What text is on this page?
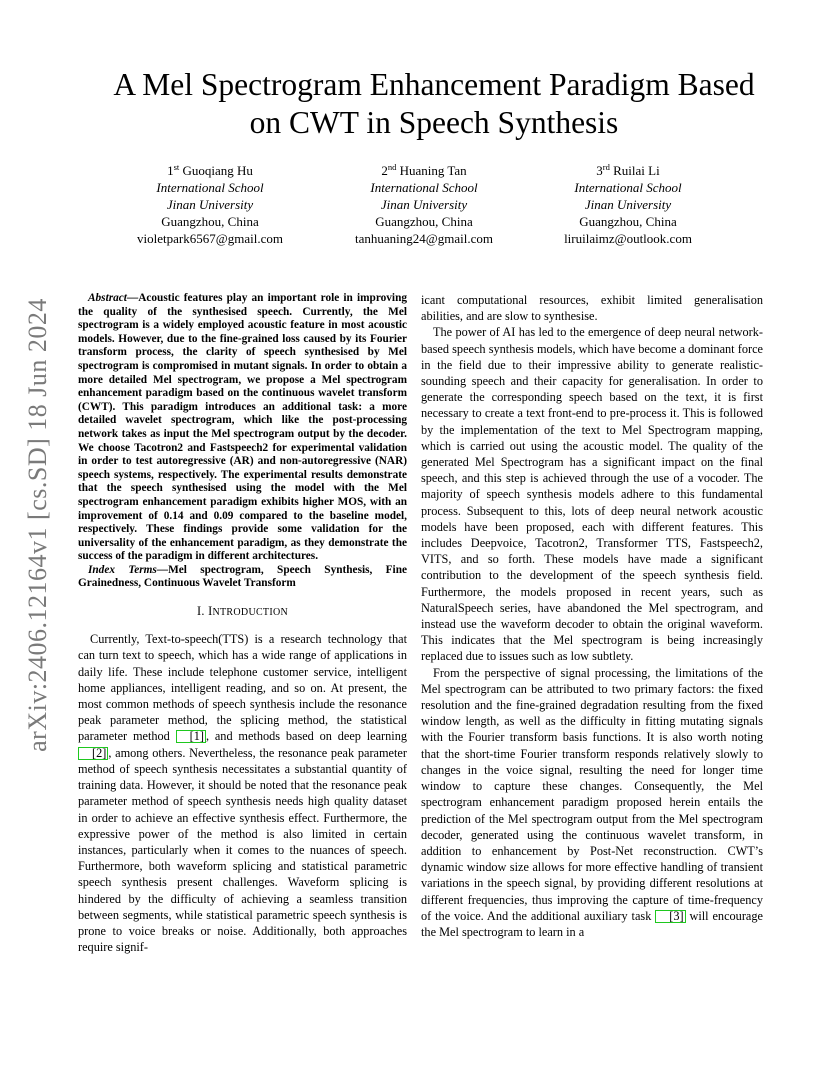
arXiv:2406.12164v1 [cs.SD] 18 Jun 2024
A Mel Spectrogram Enhancement Paradigm Based
on CWT in Speech Synthesis
1st Guoqiang Hu
International School
Jinan University
Guangzhou, China
violetpark6567@gmail.com
2nd Huaning Tan
International School
Jinan University
Guangzhou, China
tanhuaning24@gmail.com
3rd Ruilai Li
International School
Jinan University
Guangzhou, China
liruilaimz@outlook.com

Abstract—Acoustic features play an important role in improving the quality of the synthesised speech. Currently, the Mel spectrogram is a widely employed acoustic feature in most acoustic models. However, due to the fine-grained loss caused by its Fourier transform process, the clarity of speech synthesised by Mel spectrogram is compromised in mutant signals. In order to obtain a more detailed Mel spectrogram, we propose a Mel spectrogram enhancement paradigm based on the continuous wavelet transform (CWT). This paradigm introduces an additional task: a more detailed wavelet spectrogram, which like the post-processing network takes as input the Mel spectrogram output by the decoder. We choose Tacotron2 and Fastspeech2 for experimental validation in order to test autoregressive (AR) and non-autoregressive (NAR) speech systems, respectively. The experimental results demonstrate that the speech synthesised using the model with the Mel spectrogram enhancement paradigm exhibits higher MOS, with an improvement of 0.14 and 0.09 compared to the baseline model, respectively. These findings provide some validation for the universality of the enhancement paradigm, as they demonstrate the success of the paradigm in different architectures.

Index Terms—Mel spectrogram, Speech Synthesis, Fine Grainedness, Continuous Wavelet Transform

I. INTRODUCTION

Currently, Text-to-speech(TTS) is a research technology that can turn text to speech, which has a wide range of applications in daily life. These include telephone customer service, intelligent home appliances, intelligent reading, and so on. At present, the most common methods of speech synthesis include the resonance peak parameter method, the splicing method, the statistical parameter method [1] , and methods based on deep learning [2] , among others. Nevertheless, the resonance peak parameter method of speech synthesis necessitates a substantial quantity of training data. However, it should be noted that the resonance peak parameter method of speech synthesis needs high quality dataset in order to achieve an effective synthesis effect. Furthermore, the expressive power of the method is also limited in certain instances, particularly when it comes to the nuances of speech. Furthermore, both waveform splicing and statistical parametric speech synthesis present challenges. Waveform splicing is hindered by the difficulty of achieving a seamless transition between segments, while statistical parametric speech synthesis is prone to voice breaks or noise. Additionally, both approaches require signif-

icant computational resources, exhibit limited generalisation abilities, and are slow to synthesise.

The power of AI has led to the emergence of deep neural network-based speech synthesis models, which have become a dominant force in the field due to their impressive ability to generate realistic-sounding speech and their capacity for generalisation. In order to generate the corresponding speech based on the text, it is first necessary to create a text front-end to pre-process it. This is followed by the implementation of the text to Mel Spectrogram mapping, which is carried out using the acoustic model. The quality of the generated Mel Spectrogram has a significant impact on the final speech, and this step is achieved through the use of a vocoder. The majority of speech synthesis models adhere to this fundamental process. Subsequent to this, lots of deep neural network acoustic models have been proposed, each with different features. This includes Deepvoice, Tacotron2, Transformer TTS, Fastspeech2, VITS, and so forth. These models have made a significant contribution to the development of the speech synthesis field. Furthermore, the models proposed in recent years, such as NaturalSpeech series, have abandoned the Mel spectrogram, and instead use the waveform decoder to obtain the original waveform. This indicates that the Mel spectrogram is being increasingly replaced due to issues such as low subtlety.

From the perspective of signal processing, the limitations of the Mel spectrogram can be attributed to two primary factors: the fixed resolution and the fine-grained degradation resulting from the fixed window length, as well as the difficulty in fitting mutating signals with the Fourier transform basis functions. It is also worth noting that the short-time Fourier transform responds relatively slowly to changes in the voice signal, resulting the need for longer time window to capture these changes. Consequently, the Mel spectrogram enhancement paradigm proposed herein entails the prediction of the Mel spectrogram output from the Mel spectrogram decoder, generated using the continuous wavelet transform, in addition to enhancement by Post-Net reconstruction. CWT’s dynamic window size allows for more effective handling of transient variations in the speech signal, by providing different resolutions at different frequencies, thus improving the capture of time-frequency of the voice. And the additional auxiliary task [3] will encourage the Mel spectrogram to learn in a
